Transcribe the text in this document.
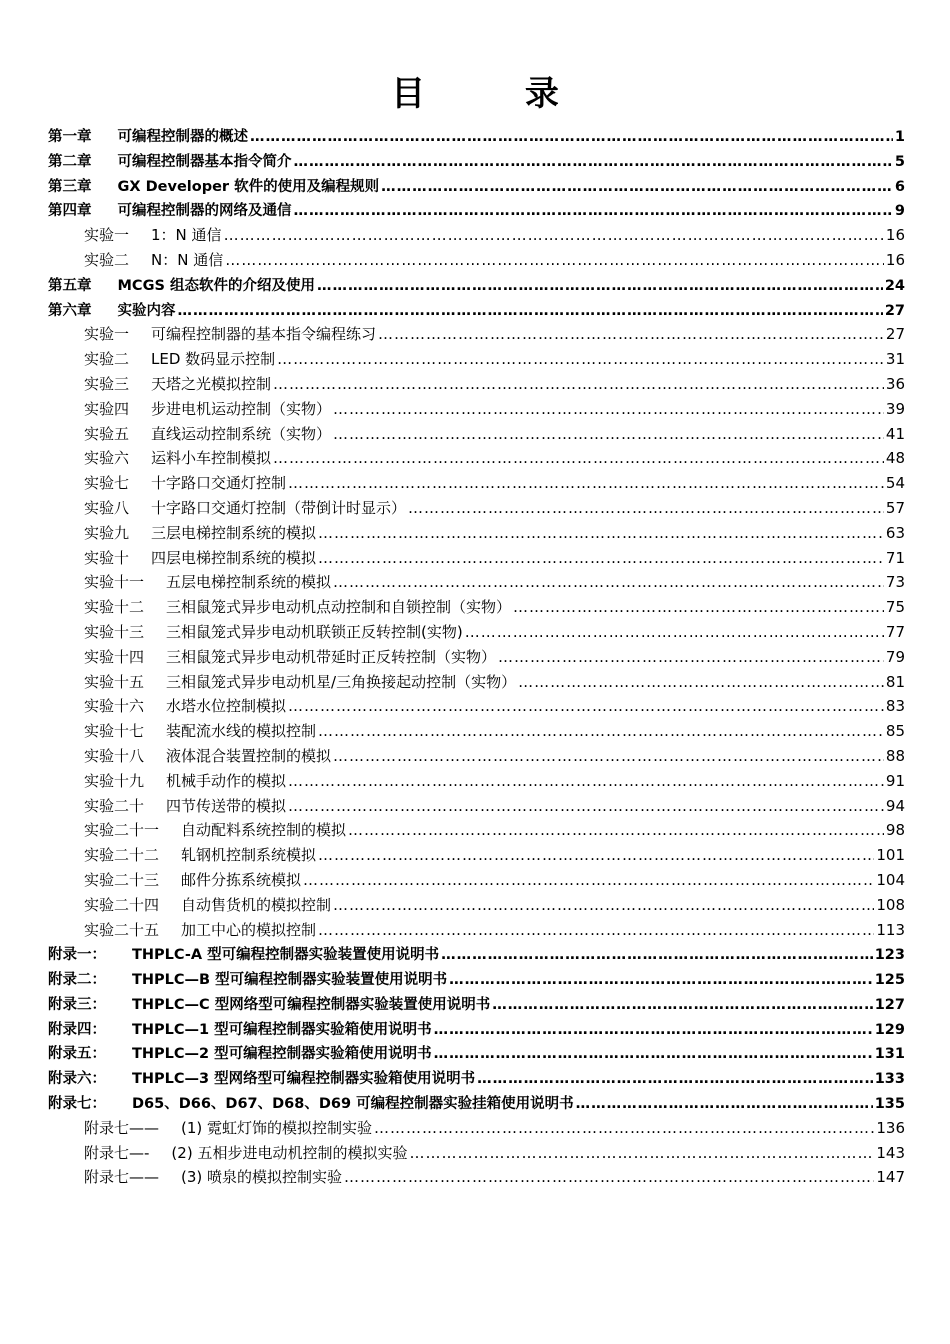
目 录
第一章 可编程控制器的概述 ………………………………………………………………………………………………………………………………………………………………………………………………………………………………………………………………………………	1
第二章 可编程控制器基本指令简介 ………………………………………………………………………………………………………………………………………………………………………………………………………………………………………………………………………………	5
第三章 GX Developer 软件的使用及编程规则 ………………………………………………………………………………………………………………………………………………………………………………………………………………………………………………………………………………	6
第四章 可编程控制器的网络及通信 ………………………………………………………………………………………………………………………………………………………………………………………………………………………………………………………………………………	9
实验一 1：N 通信 ………………………………………………………………………………………………………………………………………………………………………………………………………………………………………………………………………………	16
实验二 N：N 通信 ………………………………………………………………………………………………………………………………………………………………………………………………………………………………………………………………………………	16
第五章 MCGS 组态软件的介绍及使用 ………………………………………………………………………………………………………………………………………………………………………………………………………………………………………………………………………………	24
第六章 实验内容 ………………………………………………………………………………………………………………………………………………………………………………………………………………………………………………………………………………	27
实验一 可编程控制器的基本指令编程练习 ………………………………………………………………………………………………………………………………………………………………………………………………………………………………………………………………………………	27
实验二 LED 数码显示控制 ………………………………………………………………………………………………………………………………………………………………………………………………………………………………………………………………………………	31
实验三 天塔之光模拟控制 ………………………………………………………………………………………………………………………………………………………………………………………………………………………………………………………………………………	36
实验四 步进电机运动控制（实物） ………………………………………………………………………………………………………………………………………………………………………………………………………………………………………………………………………………	39
实验五 直线运动控制系统（实物） ………………………………………………………………………………………………………………………………………………………………………………………………………………………………………………………………………………	41
实验六 运料小车控制模拟 ………………………………………………………………………………………………………………………………………………………………………………………………………………………………………………………………………………	48
实验七 十字路口交通灯控制 ………………………………………………………………………………………………………………………………………………………………………………………………………………………………………………………………………………	54
实验八 十字路口交通灯控制（带倒计时显示） ………………………………………………………………………………………………………………………………………………………………………………………………………………………………………………………………………………	57
实验九 三层电梯控制系统的模拟 ………………………………………………………………………………………………………………………………………………………………………………………………………………………………………………………………………………	63
实验十 四层电梯控制系统的模拟 ………………………………………………………………………………………………………………………………………………………………………………………………………………………………………………………………………………	71
实验十一 五层电梯控制系统的模拟 ………………………………………………………………………………………………………………………………………………………………………………………………………………………………………………………………………………	73
实验十二 三相鼠笼式异步电动机点动控制和自锁控制（实物） ………………………………………………………………………………………………………………………………………………………………………………………………………………………………………………………………………………	75
实验十三 三相鼠笼式异步电动机联锁正反转控制(实物) ………………………………………………………………………………………………………………………………………………………………………………………………………………………………………………………………………………	77
实验十四 三相鼠笼式异步电动机带延时正反转控制（实物） ………………………………………………………………………………………………………………………………………………………………………………………………………………………………………………………………………………	79
实验十五 三相鼠笼式异步电动机星/三角换接起动控制（实物） ………………………………………………………………………………………………………………………………………………………………………………………………………………………………………………………………………………	81
实验十六 水塔水位控制模拟 ………………………………………………………………………………………………………………………………………………………………………………………………………………………………………………………………………………	83
实验十七 装配流水线的模拟控制 ………………………………………………………………………………………………………………………………………………………………………………………………………………………………………………………………………………	85
实验十八 液体混合装置控制的模拟 ………………………………………………………………………………………………………………………………………………………………………………………………………………………………………………………………………………	88
实验十九 机械手动作的模拟 ………………………………………………………………………………………………………………………………………………………………………………………………………………………………………………………………………………	91
实验二十 四节传送带的模拟 ………………………………………………………………………………………………………………………………………………………………………………………………………………………………………………………………………………	94
实验二十一 自动配料系统控制的模拟 ………………………………………………………………………………………………………………………………………………………………………………………………………………………………………………………………………………	98
实验二十二 轧钢机控制系统模拟 ………………………………………………………………………………………………………………………………………………………………………………………………………………………………………………………………………………	101
实验二十三 邮件分拣系统模拟 ………………………………………………………………………………………………………………………………………………………………………………………………………………………………………………………………………………	104
实验二十四 自动售货机的模拟控制 ………………………………………………………………………………………………………………………………………………………………………………………………………………………………………………………………………………	108
实验二十五 加工中心的模拟控制 ………………………………………………………………………………………………………………………………………………………………………………………………………………………………………………………………………………	113
附录一： THPLC-A 型可编程控制器实验装置使用说明书 ………………………………………………………………………………………………………………………………………………………………………………………………………………………………………………………………………………	123
附录二： THPLC—B 型可编程控制器实验装置使用说明书 ………………………………………………………………………………………………………………………………………………………………………………………………………………………………………………………………………………	125
附录三： THPLC—C 型网络型可编程控制器实验装置使用说明书 ………………………………………………………………………………………………………………………………………………………………………………………………………………………………………………………………………………	127
附录四： THPLC—1 型可编程控制器实验箱使用说明书 ………………………………………………………………………………………………………………………………………………………………………………………………………………………………………………………………………………	129
附录五： THPLC—2 型可编程控制器实验箱使用说明书 ………………………………………………………………………………………………………………………………………………………………………………………………………………………………………………………………………………	131
附录六： THPLC—3 型网络型可编程控制器实验箱使用说明书 ………………………………………………………………………………………………………………………………………………………………………………………………………………………………………………………………………………	133
附录七： D65、D66、D67、D68、D69 可编程控制器实验挂箱使用说明书 ………………………………………………………………………………………………………………………………………………………………………………………………………………………………………………………………………………	135
附录七—— (1) 霓虹灯饰的模拟控制实验 ………………………………………………………………………………………………………………………………………………………………………………………………………………………………………………………………………………	136
附录七—- (2) 五相步进电动机控制的模拟实验 ………………………………………………………………………………………………………………………………………………………………………………………………………………………………………………………………………………	143
附录七—— (3) 喷泉的模拟控制实验 ………………………………………………………………………………………………………………………………………………………………………………………………………………………………………………………………………………	147
